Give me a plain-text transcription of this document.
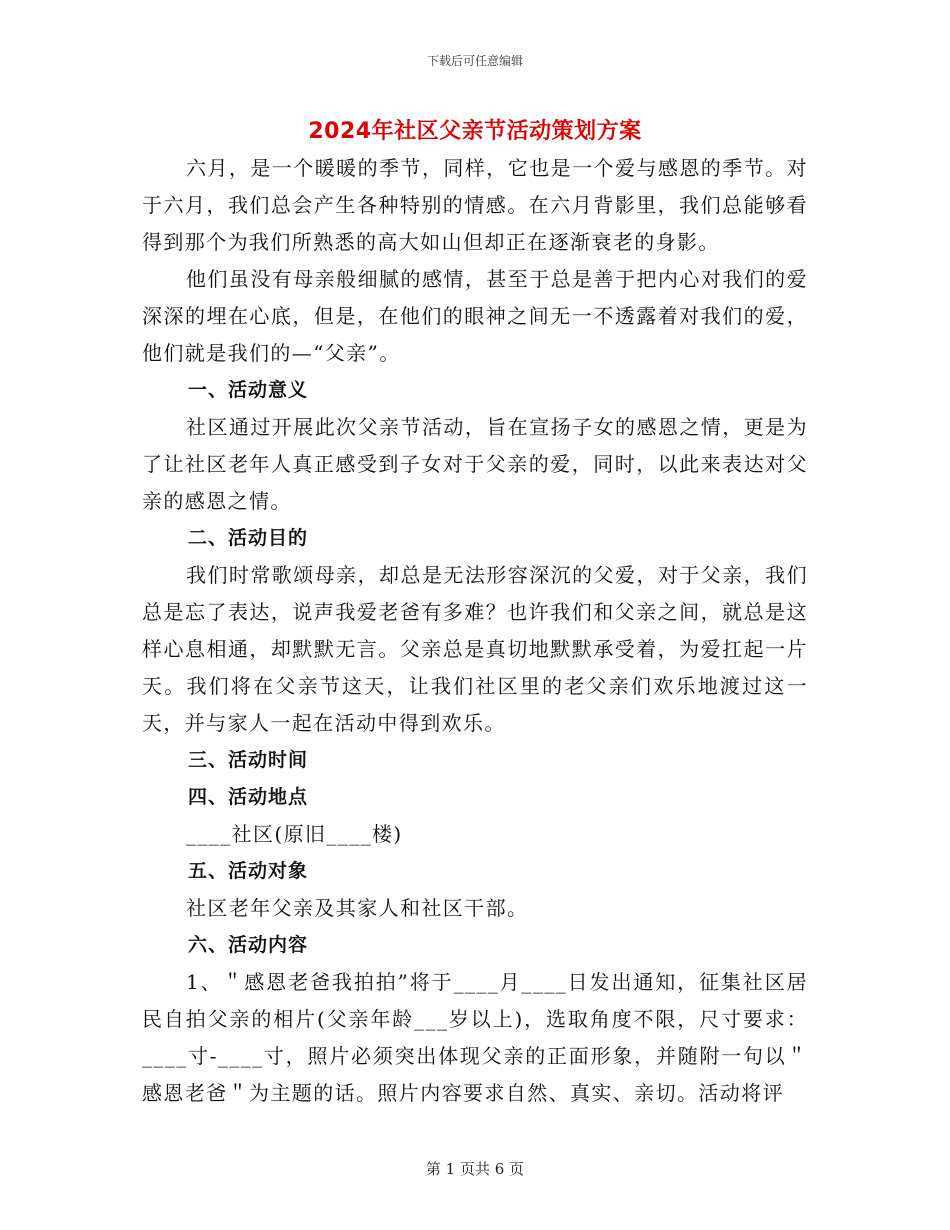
下载后可任意编辑
2024年社区父亲节活动策划方案

六月，是一个暖暖的季节，同样，它也是一个爱与感恩的季节。对于六月，我们总会产生各种特别的情感。在六月背影里，我们总能够看得到那个为我们所熟悉的高大如山但却正在逐渐衰老的身影。

他们虽没有母亲般细腻的感情，甚至于总是善于把内心对我们的爱深深的埋在心底，但是，在他们的眼神之间无一不透露着对我们的爱，他们就是我们的—“父亲”。

一、活动意义

社区通过开展此次父亲节活动，旨在宣扬子女的感恩之情，更是为了让社区老年人真正感受到子女对于父亲的爱，同时，以此来表达对父亲的感恩之情。

二、活动目的

我们时常歌颂母亲，却总是无法形容深沉的父爱，对于父亲，我们总是忘了表达，说声我爱老爸有多难？也许我们和父亲之间，就总是这样心息相通，却默默无言。父亲总是真切地默默承受着，为爱扛起一片天。我们将在父亲节这天，让我们社区里的老父亲们欢乐地渡过这一天，并与家人一起在活动中得到欢乐。

三、活动时间
四、活动地点

____社区(原旧____楼)

五、活动对象

社区老年父亲及其家人和社区干部。

六、活动内容

1、＂感恩老爸我拍拍”将于____月____日发出通知，征集社区居民自拍父亲的相片(父亲年龄___岁以上)，选取角度不限，尺寸要求：____寸-____寸，照片必须突出体现父亲的正面形象，并随附一句以＂感恩老爸＂为主题的话。照片内容要求自然、真实、亲切。活动将评

第 1 页共 6 页
